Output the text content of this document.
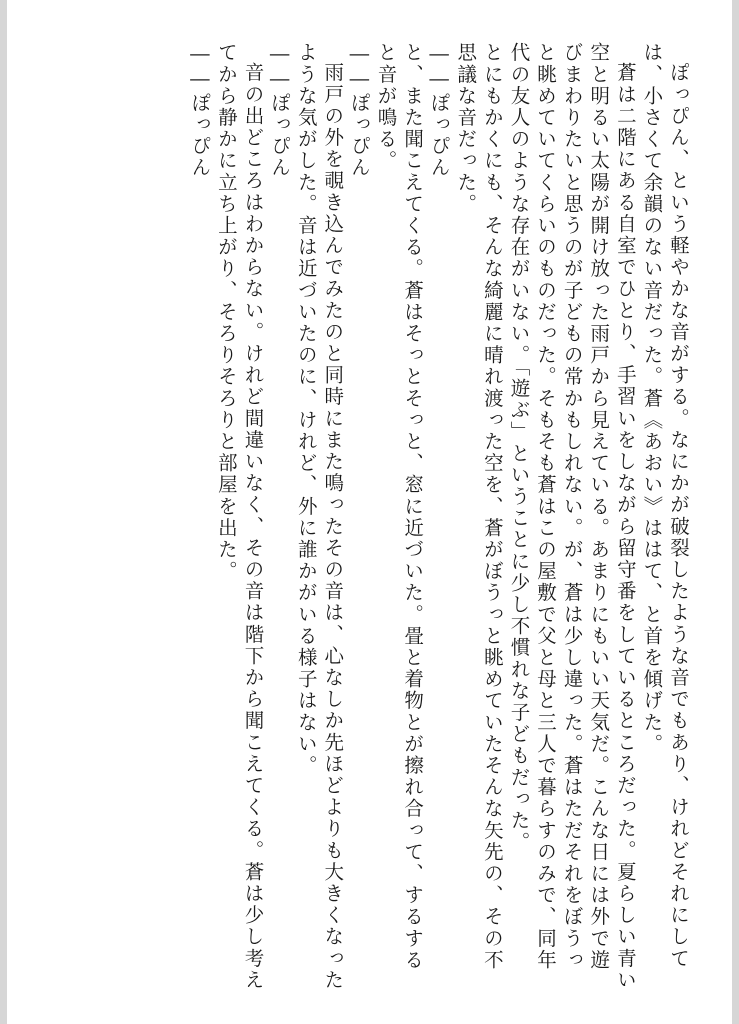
ぽっぴん、という軽やかな音がする。なにかが破裂したような音でもあり、けれどそれにしては、小さくて余韻のない音だった。蒼《あおい》ははて、と首を傾げた。

蒼は二階にある自室でひとり、手習いをしながら留守番をしているところだった。夏らしい青い空と明るい太陽が開け放った雨戸から見えている。あまりにもいい天気だ。こんな日には外で遊びまわりたいと思うのが子どもの常かもしれない。が、蒼は少し違った。蒼はただそれをぼうっと眺めていてくらいのものだった。そもそも蒼はこの屋敷で父と母と三人で暮らすのみで、同年代の友人のような存在がいない。「遊ぶ」ということに少し不慣れな子どもだった。

とにもかくにも、そんな綺麗に晴れ渡った空を、蒼がぼうっと眺めていたそんな矢先の、その不思議な音だった。

――ぽっぴん

と、また聞こえてくる。蒼はそっとそっと、窓に近づいた。畳と着物とが擦れ合って、するすると音が鳴る。

――ぽっぴん

雨戸の外を覗き込んでみたのと同時にまた鳴ったその音は、心なしか先ほどよりも大きくなったような気がした。音は近づいたのに、けれど、外に誰かがいる様子はない。

――ぽっぴん

音の出どころはわからない。けれど間違いなく、その音は階下から聞こえてくる。蒼は少し考えてから静かに立ち上がり、そろりそろりと部屋を出た。

――ぽっぴん
